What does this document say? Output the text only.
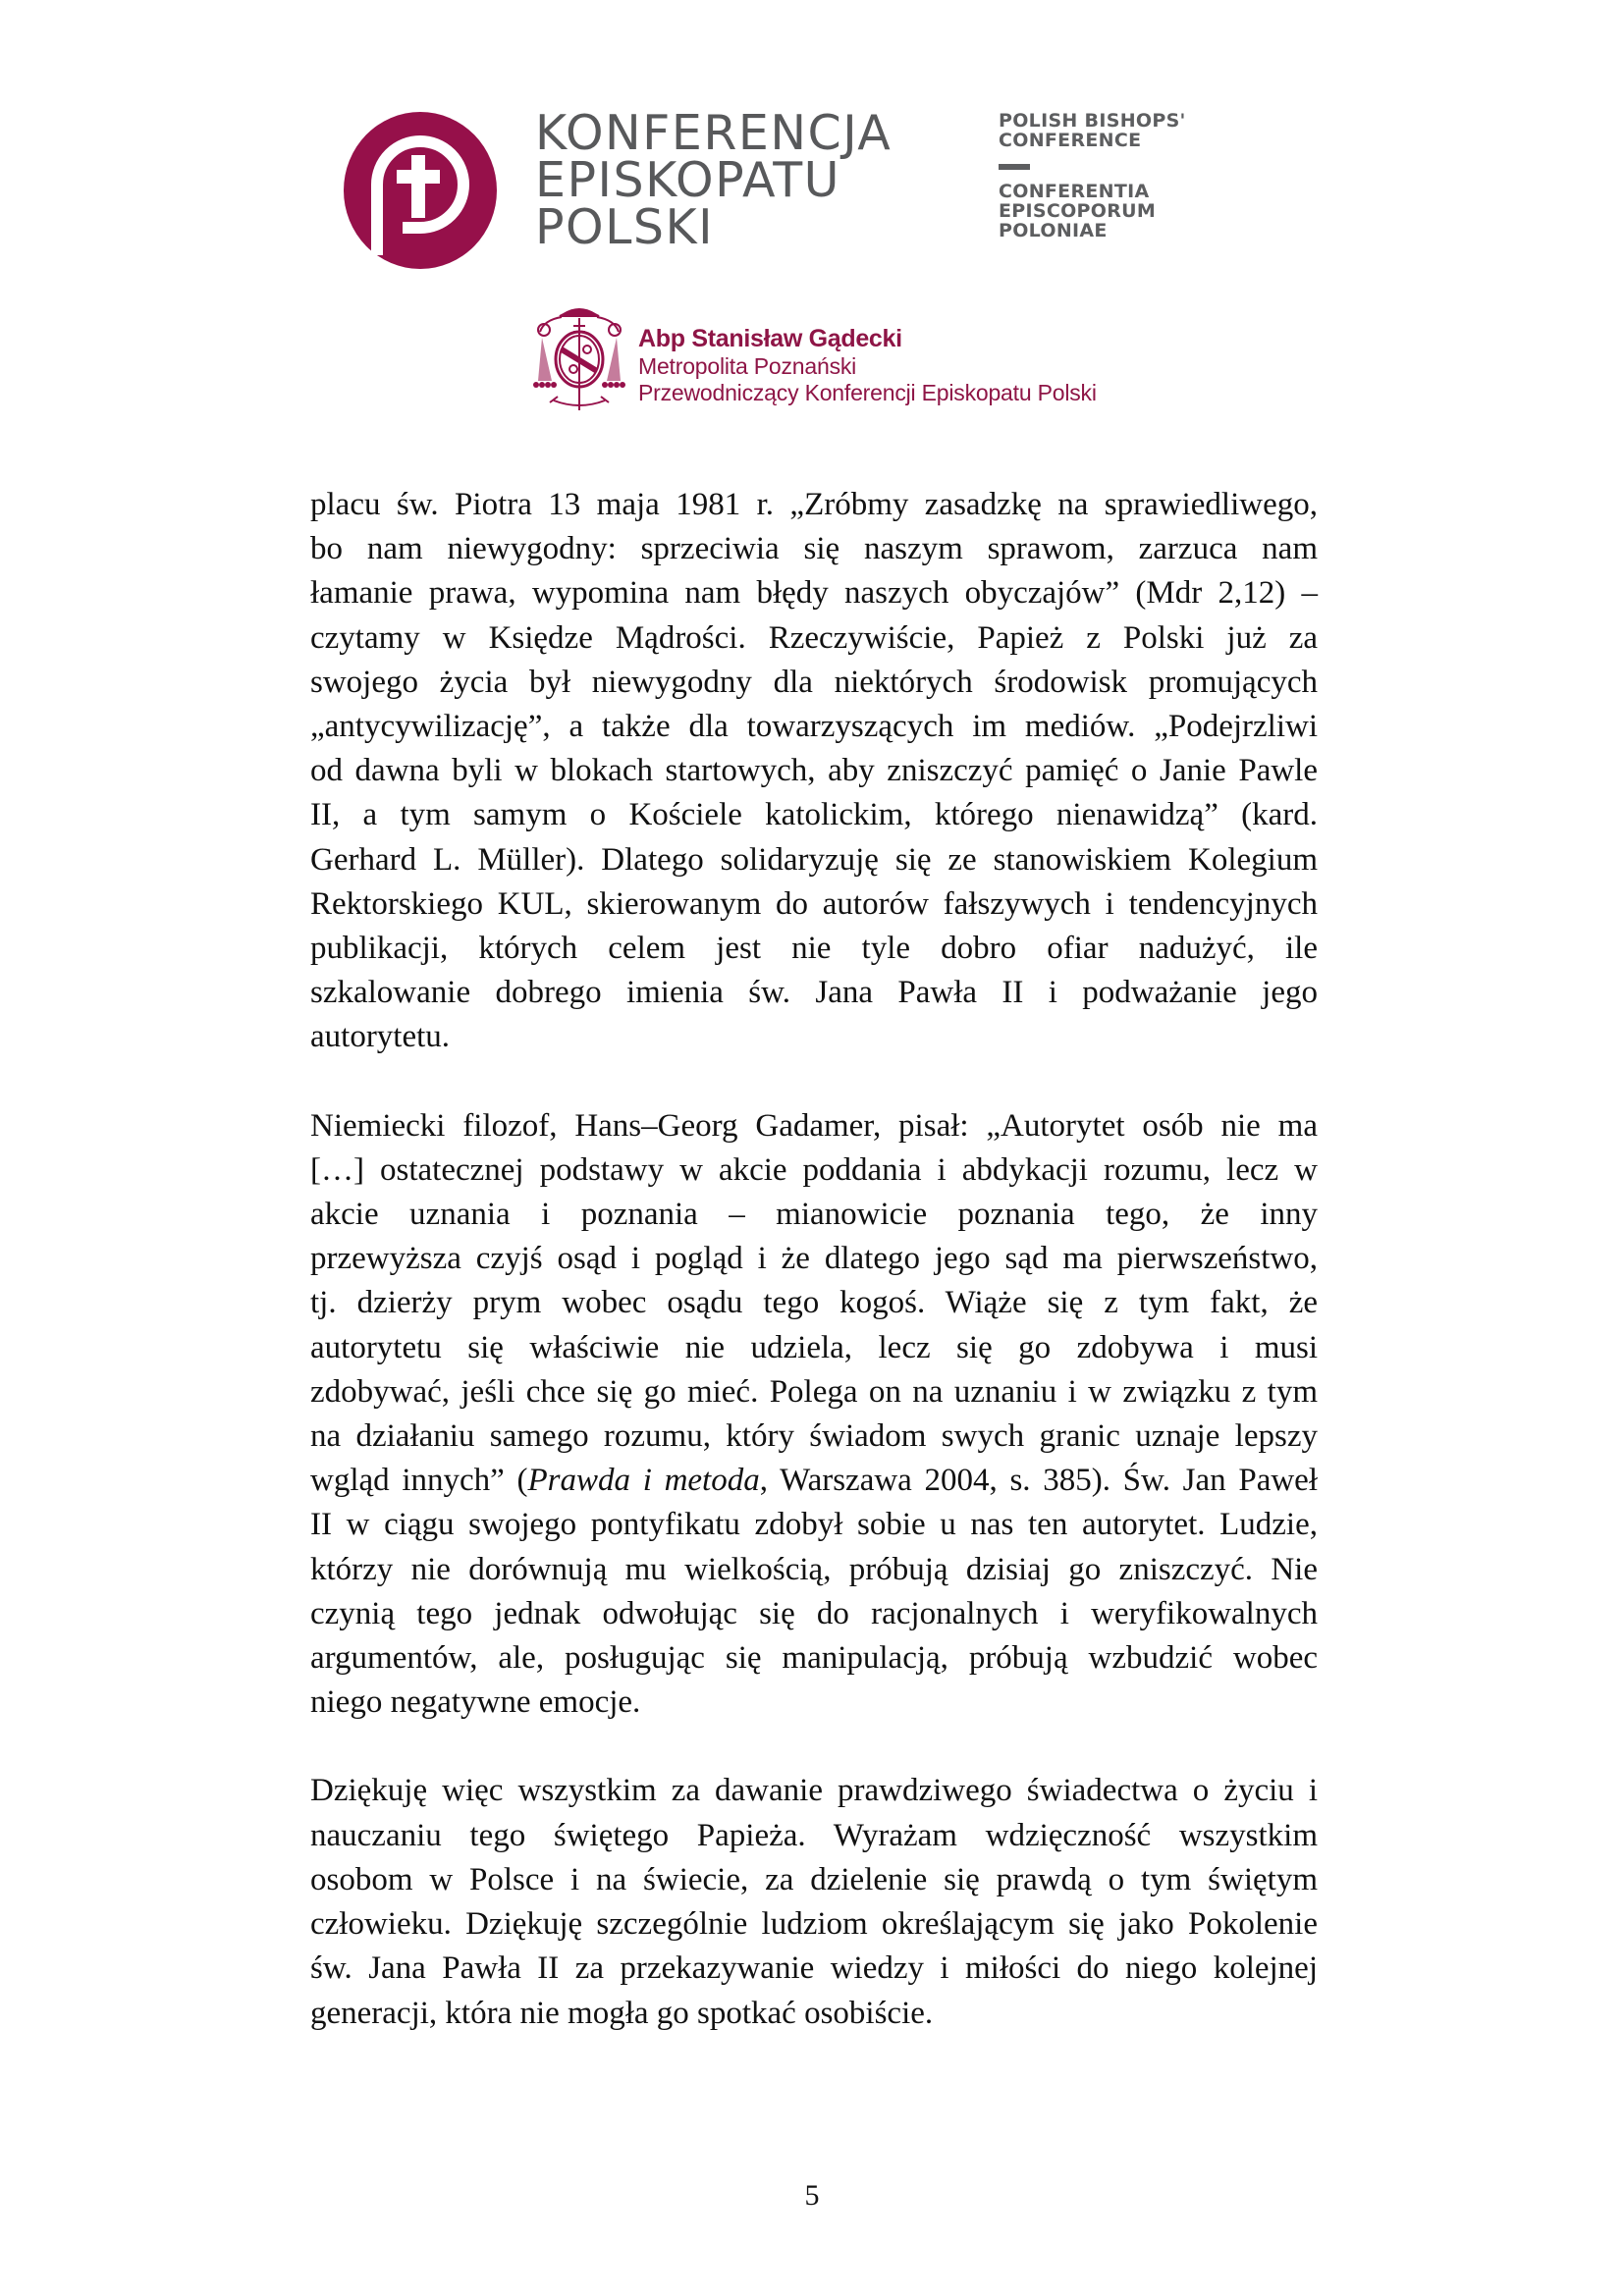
KONFERENCJA
EPISKOPATU
POLSKI
POLISH BISHOPS'
CONFERENCE
CONFERENTIA
EPISCOPORUM
POLONIAE
Abp Stanisław Gądecki
Metropolita Poznański
Przewodniczący Konferencji Episkopatu Polski

placu św. Piotra 13 maja 1981 r. „Zróbmy zasadzkę na sprawiedliwego,
bo nam niewygodny: sprzeciwia się naszym sprawom, zarzuca nam
łamanie prawa, wypomina nam błędy naszych obyczajów” (Mdr 2,12) –
czytamy w Księdze Mądrości. Rzeczywiście, Papież z Polski już za
swojego życia był niewygodny dla niektórych środowisk promujących
„antycywilizację”, a także dla towarzyszących im mediów. „Podejrzliwi
od dawna byli w blokach startowych, aby zniszczyć pamięć o Janie Pawle
II, a tym samym o Kościele katolickim, którego nienawidzą” (kard.
Gerhard L. Müller). Dlatego solidaryzuję się ze stanowiskiem Kolegium
Rektorskiego KUL, skierowanym do autorów fałszywych i tendencyjnych
publikacji, których celem jest nie tyle dobro ofiar nadużyć, ile
szkalowanie dobrego imienia św. Jana Pawła II i podważanie jego
autorytetu.

Niemiecki filozof, Hans–Georg Gadamer, pisał: „Autorytet osób nie ma
[…] ostatecznej podstawy w akcie poddania i abdykacji rozumu, lecz w
akcie uznania i poznania – mianowicie poznania tego, że inny
przewyższa czyjś osąd i pogląd i że dlatego jego sąd ma pierwszeństwo,
tj. dzierży prym wobec osądu tego kogoś. Wiąże się z tym fakt, że
autorytetu się właściwie nie udziela, lecz się go zdobywa i musi
zdobywać, jeśli chce się go mieć. Polega on na uznaniu i w związku z tym
na działaniu samego rozumu, który świadom swych granic uznaje lepszy
wgląd innych” (Prawda i metoda, Warszawa 2004, s. 385). Św. Jan Paweł
II w ciągu swojego pontyfikatu zdobył sobie u nas ten autorytet. Ludzie,
którzy nie dorównują mu wielkością, próbują dzisiaj go zniszczyć. Nie
czynią tego jednak odwołując się do racjonalnych i weryfikowalnych
argumentów, ale, posługując się manipulacją, próbują wzbudzić wobec
niego negatywne emocje.

Dziękuję więc wszystkim za dawanie prawdziwego świadectwa o życiu i
nauczaniu tego świętego Papieża. Wyrażam wdzięczność wszystkim
osobom w Polsce i na świecie, za dzielenie się prawdą o tym świętym
człowieku. Dziękuję szczególnie ludziom określającym się jako Pokolenie
św. Jana Pawła II za przekazywanie wiedzy i miłości do niego kolejnej
generacji, która nie mogła go spotkać osobiście.

5
